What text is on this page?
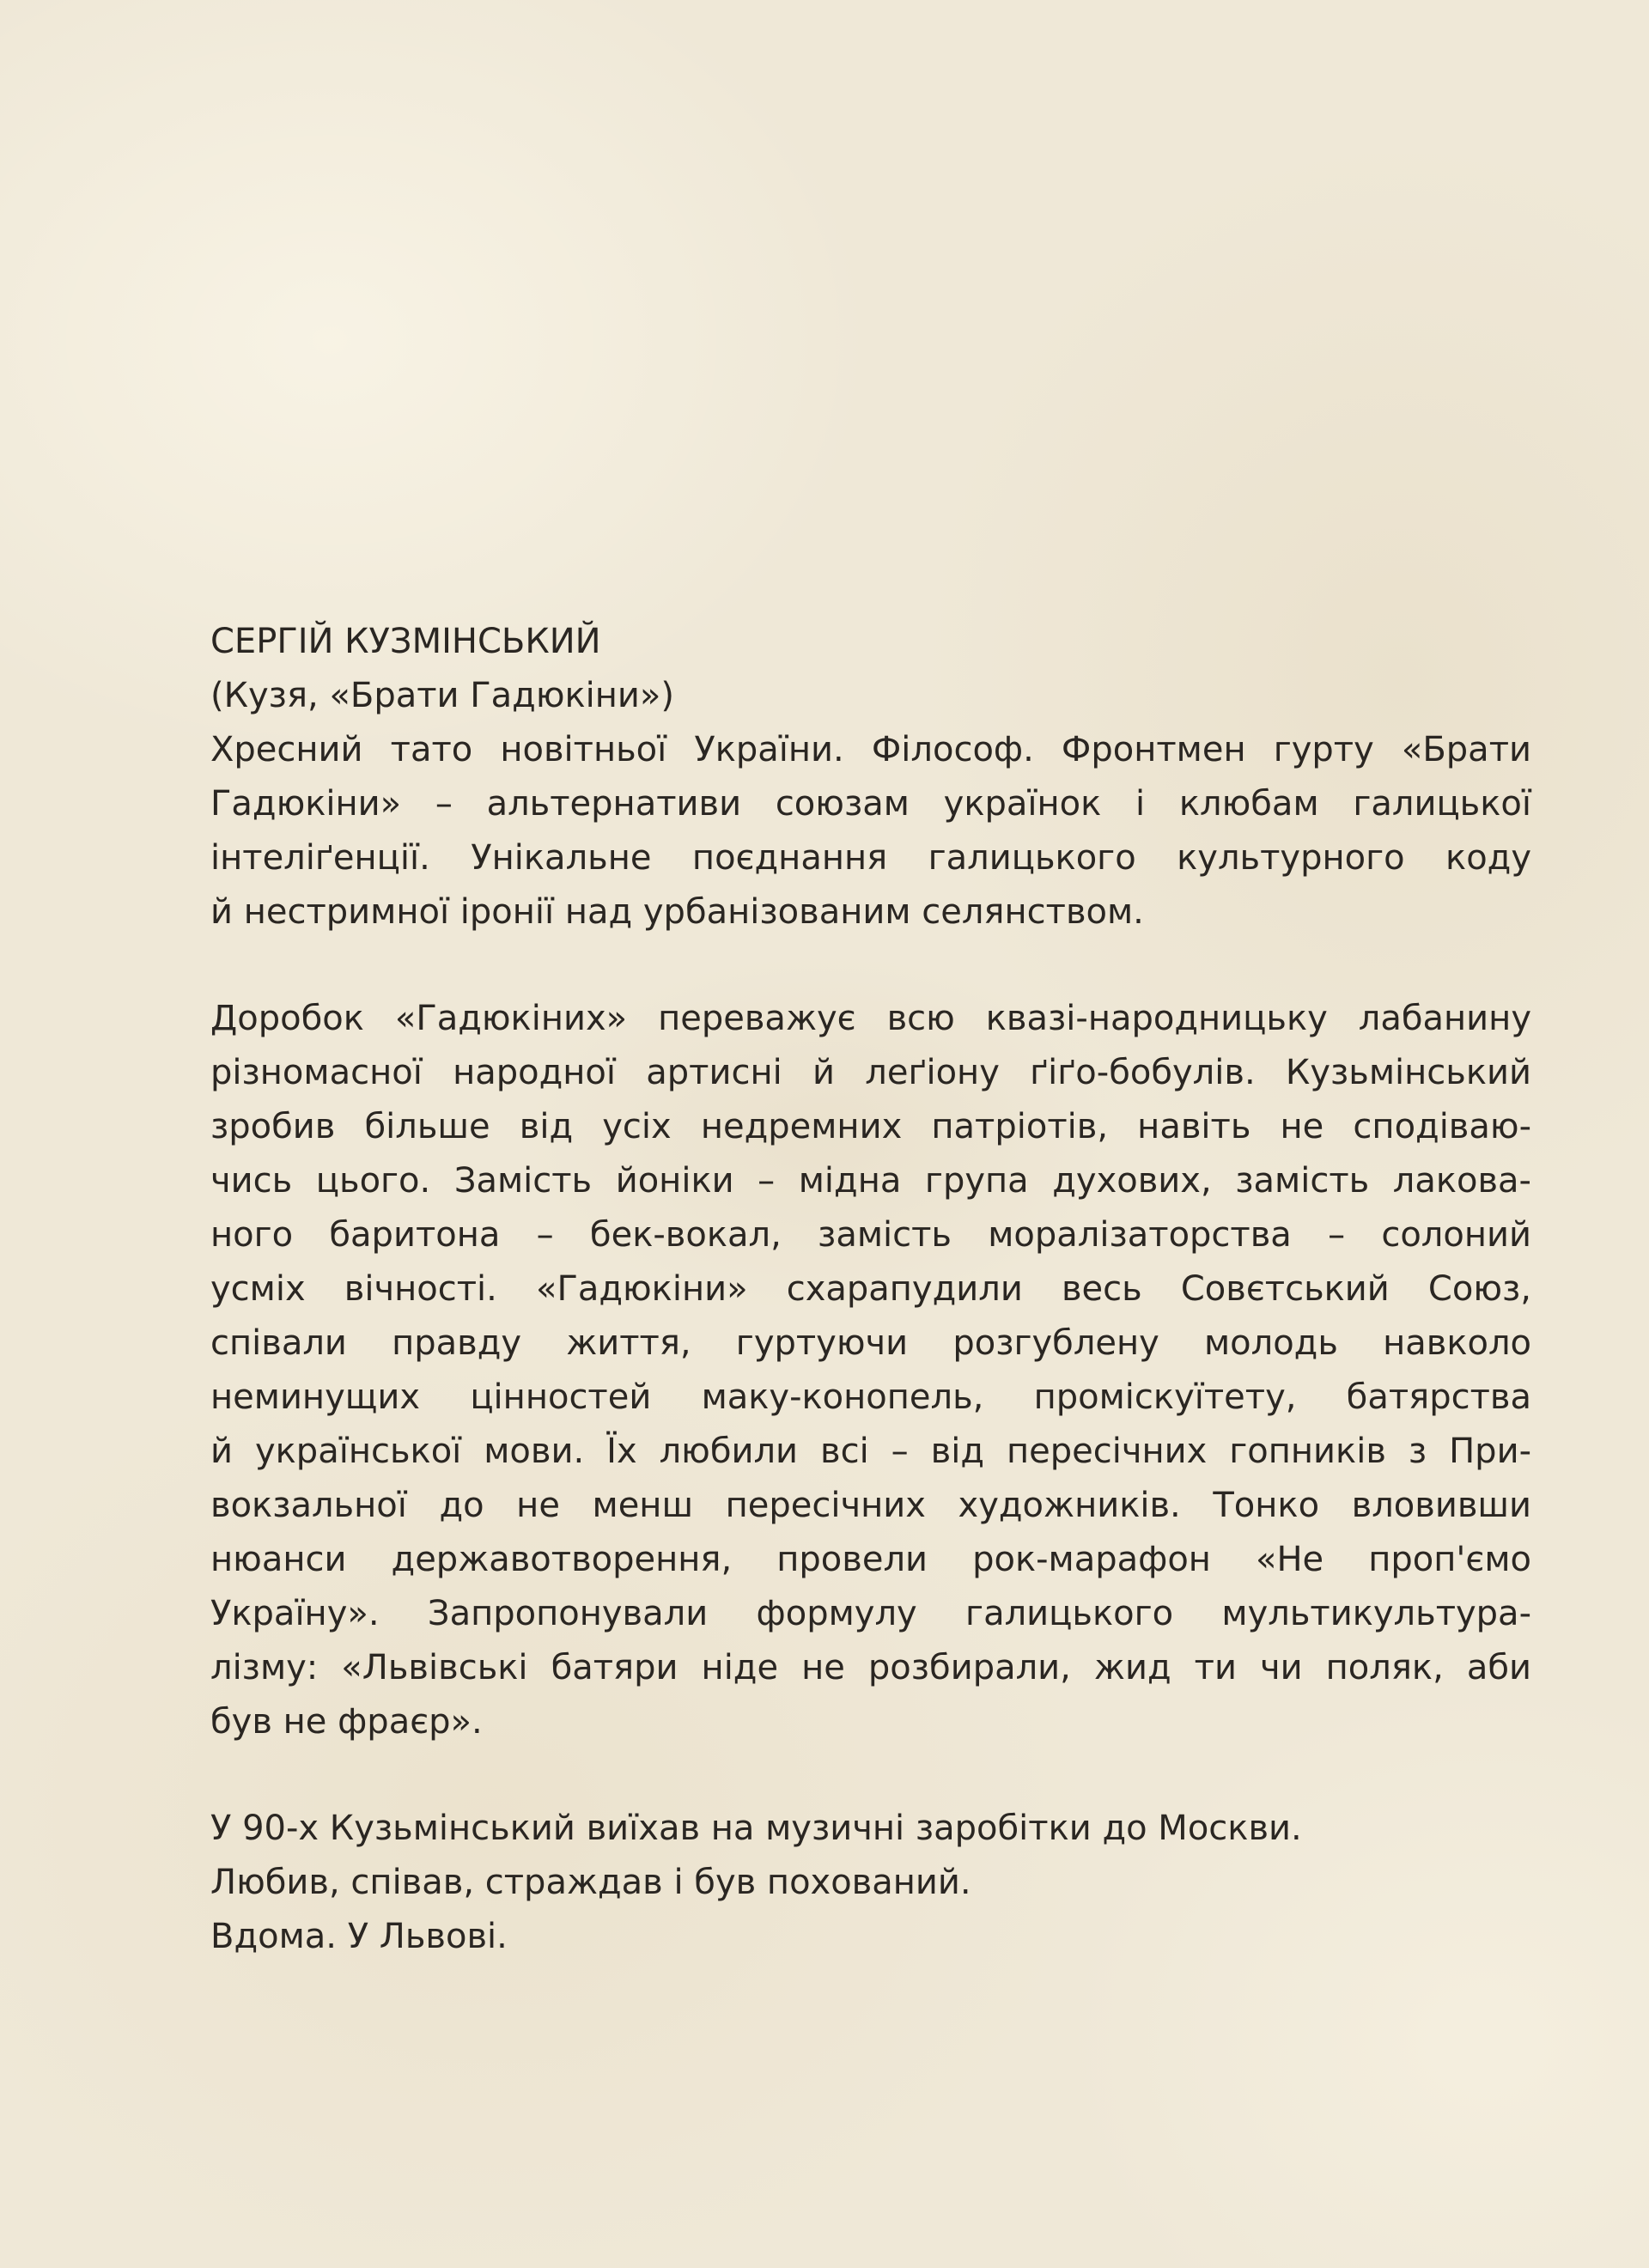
СЕРГІЙ КУЗМІНСЬКИЙ
(Кузя, «Брати Гадюкіни»)
Хресний тато новітньої України. Філософ. Фронтмен гурту «Брати
Гадюкіни» – альтернативи союзам українок і клюбам галицької
інтеліґенції. Унікальне поєднання галицького культурного коду
й нестримної іронії над урбанізованим селянством.
Доробок «Гадюкіних» переважує всю квазі-народницьку лабанину
різномасної народної артисні й леґіону ґіґо-бобулів. Кузьмінський
зробив більше від усіх недремних патріотів, навіть не сподіваю-
чись цього. Замість йоніки – мідна група духових, замість лакова-
ного баритона – бек-вокал, замість моралізаторства – солоний
усміх вічності. «Гадюкіни» схарапудили весь Совєтський Союз,
співали правду життя, гуртуючи розгублену молодь навколо
неминущих цінностей маку-конопель, проміскуїтету, батярства
й української мови. Їх любили всі – від пересічних гопників з При-
вокзальної до не менш пересічних художників. Тонко вловивши
нюанси державотворення, провели рок-марафон «Не проп'ємо
Україну». Запропонували формулу галицького мультикультура-
лізму: «Львівські батяри ніде не розбирали, жид ти чи поляк, аби
був не фраєр».
У 90-х Кузьмінський виїхав на музичні заробітки до Москви.
Любив, співав, страждав і був похований.
Вдома. У Львові.
